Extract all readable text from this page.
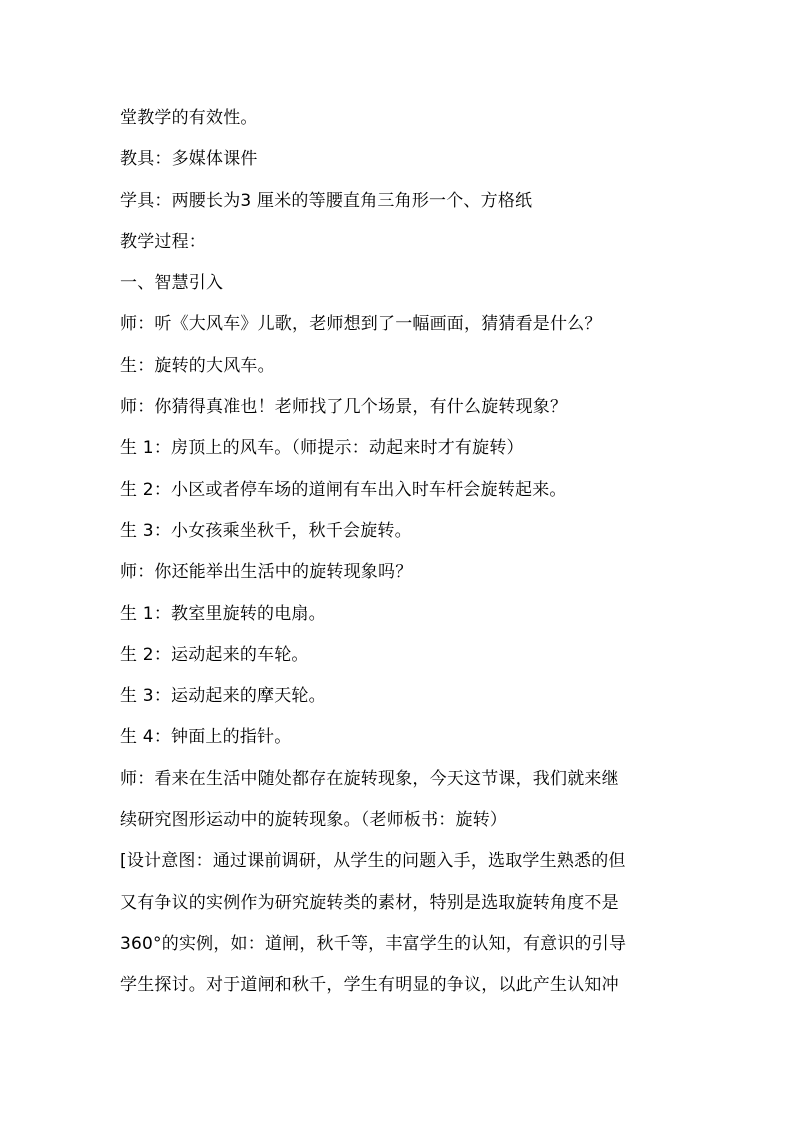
堂教学的有效性。
教具：多媒体课件
学具：两腰长为3 厘米的等腰直角三角形一个、方格纸
教学过程：
一、智慧引入
师：听《大风车》儿歌，老师想到了一幅画面，猜猜看是什么？
生：旋转的大风车。
师：你猜得真准也！老师找了几个场景，有什么旋转现象？
生 1：房顶上的风车。（师提示：动起来时才有旋转）
生 2：小区或者停车场的道闸有车出入时车杆会旋转起来。
生 3：小女孩乘坐秋千，秋千会旋转。
师：你还能举出生活中的旋转现象吗？
生 1：教室里旋转的电扇。
生 2：运动起来的车轮。
生 3：运动起来的摩天轮。
生 4：钟面上的指针。
师：看来在生活中随处都存在旋转现象，今天这节课，我们就来继
续研究图形运动中的旋转现象。（老师板书：旋转）
[设计意图：通过课前调研，从学生的问题入手，选取学生熟悉的但
又有争议的实例作为研究旋转类的素材，特别是选取旋转角度不是
360°的实例，如：道闸，秋千等，丰富学生的认知，有意识的引导
学生探讨。对于道闸和秋千，学生有明显的争议，以此产生认知冲
